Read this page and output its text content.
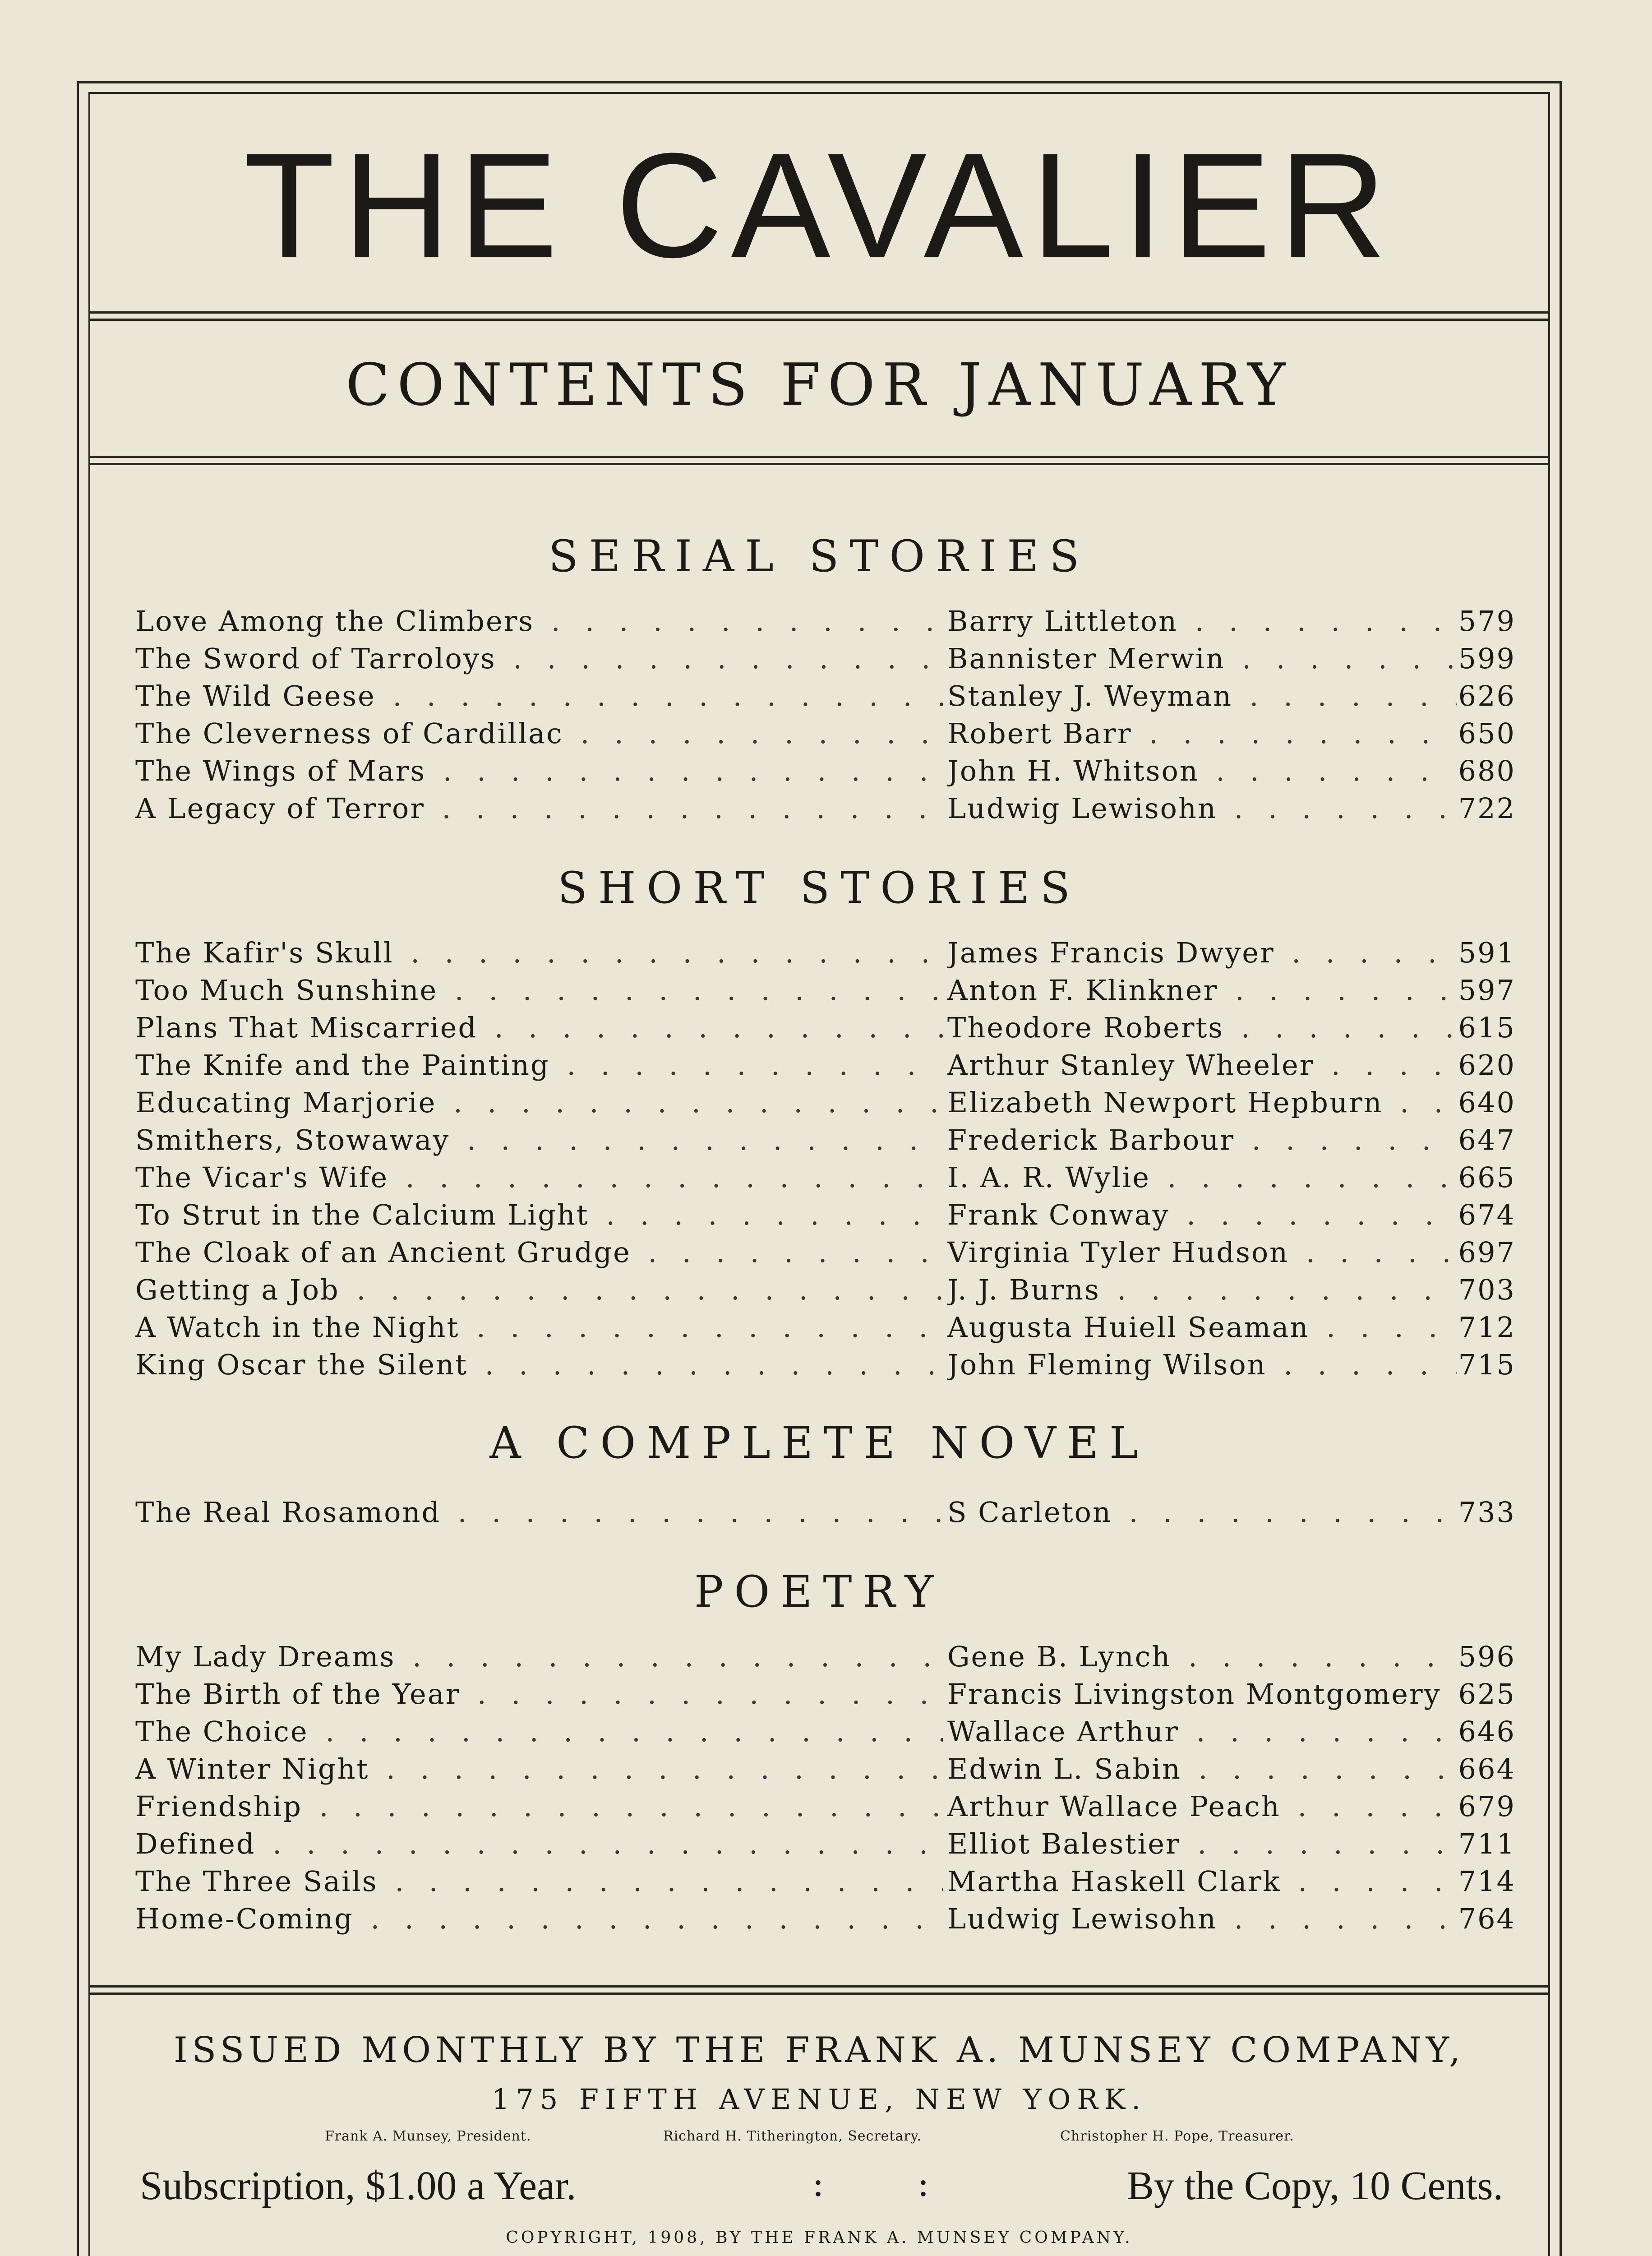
THE CAVALIER
CONTENTS FOR JANUARY
SERIAL STORIES
Love Among the Climbers . . .	Barry Littleton . . .	579
The Sword of Tarroloys . . .	Bannister Merwin . . .	599
The Wild Geese . . .	Stanley J. Weyman . . .	626
The Cleverness of Cardillac . . .	Robert Barr . . .	650
The Wings of Mars . . .	John H. Whitson . . .	680
A Legacy of Terror . . .	Ludwig Lewisohn . . .	722
SHORT STORIES
The Kafir's Skull . . .	James Francis Dwyer . . .	591
Too Much Sunshine . . .	Anton F. Klinkner . . .	597
Plans That Miscarried . . .	Theodore Roberts . . .	615
The Knife and the Painting . . .	Arthur Stanley Wheeler . . .	620
Educating Marjorie . . .	Elizabeth Newport Hepburn . . .	640
Smithers, Stowaway . . .	Frederick Barbour . . .	647
The Vicar's Wife . . .	I. A. R. Wylie . . .	665
To Strut in the Calcium Light . . .	Frank Conway . . .	674
The Cloak of an Ancient Grudge . . .	Virginia Tyler Hudson . . .	697
Getting a Job . . .	J. J. Burns . . .	703
A Watch in the Night . . .	Augusta Huiell Seaman . . .	712
King Oscar the Silent . . .	John Fleming Wilson . . .	715
A COMPLETE NOVEL
The Real Rosamond . . .	S Carleton . . .	733
POETRY
My Lady Dreams . . .	Gene B. Lynch . . .	596
The Birth of the Year . . .	Francis Livingston Montgomery . . . 625
The Choice . . .	Wallace Arthur . . .	646
A Winter Night . . .	Edwin L. Sabin . . .	664
Friendship . . .	Arthur Wallace Peach . . .	679
Defined . . .	Elliot Balestier . . .	711
The Three Sails . . .	Martha Haskell Clark . . .	714
Home-Coming . . .	Ludwig Lewisohn . . .	764
ISSUED MONTHLY BY THE FRANK A. MUNSEY COMPANY,
175 FIFTH AVENUE, NEW YORK.
Frank A. Munsey, President.	Richard H. Titherington, Secretary.	Christopher H. Pope, Treasurer.
Subscription, $1.00 a Year.	:	:	By the Copy, 10 Cents.
COPYRIGHT, 1908, BY THE FRANK A. MUNSEY COMPANY.
